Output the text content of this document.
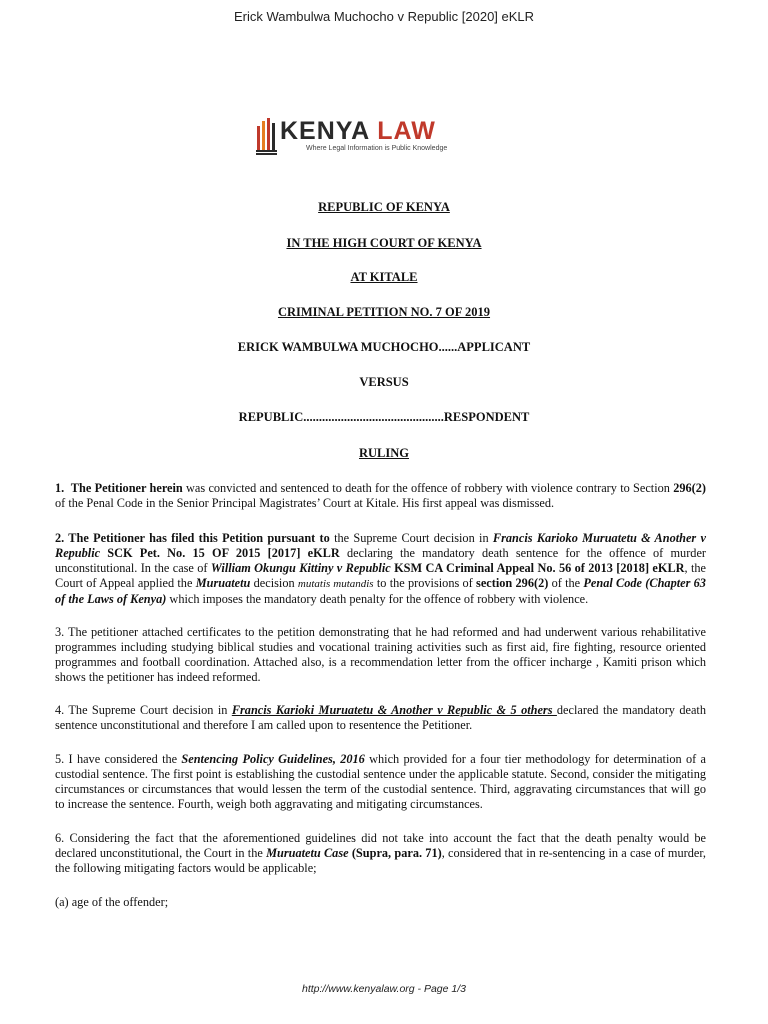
Erick Wambulwa Muchocho v Republic [2020] eKLR
KENYA LAW
Where Legal Information is Public Knowledge
REPUBLIC OF KENYA
IN THE HIGH COURT OF KENYA
AT KITALE
CRIMINAL PETITION NO. 7 OF 2019
ERICK WAMBULWA MUCHOCHO......APPLICANT
VERSUS
REPUBLIC.............................................RESPONDENT
RULING

1. The Petitioner herein was convicted and sentenced to death for the offence of robbery with violence contrary to Section 296(2) of the Penal Code in the Senior Principal Magistrates’ Court at Kitale. His first appeal was dismissed.

2. The Petitioner has filed this Petition pursuant to the Supreme Court decision in Francis Karioko Muruatetu & Another v Republic SCK Pet. No. 15 OF 2015 [2017] eKLR declaring the mandatory death sentence for the offence of murder unconstitutional. In the case of William Okungu Kittiny v Republic KSM CA Criminal Appeal No. 56 of 2013 [2018] eKLR, the Court of Appeal applied the Muruatetu decision mutatis mutandis to the provisions of section 296(2) of the Penal Code (Chapter 63 of the Laws of Kenya) which imposes the mandatory death penalty for the offence of robbery with violence.

3. The petitioner attached certificates to the petition demonstrating that he had reformed and had underwent various rehabilitative programmes including studying biblical studies and vocational training activities such as first aid, fire fighting, resource oriented programmes and football coordination. Attached also, is a recommendation letter from the officer incharge , Kamiti prison which shows the petitioner has indeed reformed.

4. The Supreme Court decision in Francis Karioki Muruatetu & Another v Republic & 5 others declared the mandatory death sentence unconstitutional and therefore I am called upon to resentence the Petitioner.

5. I have considered the Sentencing Policy Guidelines, 2016 which provided for a four tier methodology for determination of a custodial sentence. The first point is establishing the custodial sentence under the applicable statute. Second, consider the mitigating circumstances or circumstances that would lessen the term of the custodial sentence. Third, aggravating circumstances that will go to increase the sentence. Fourth, weigh both aggravating and mitigating circumstances.

6. Considering the fact that the aforementioned guidelines did not take into account the fact that the death penalty would be declared unconstitutional, the Court in the Muruatetu Case (Supra, para. 71), considered that in re-sentencing in a case of murder, the following mitigating factors would be applicable;

(a) age of the offender;

http://www.kenyalaw.org - Page 1/3
